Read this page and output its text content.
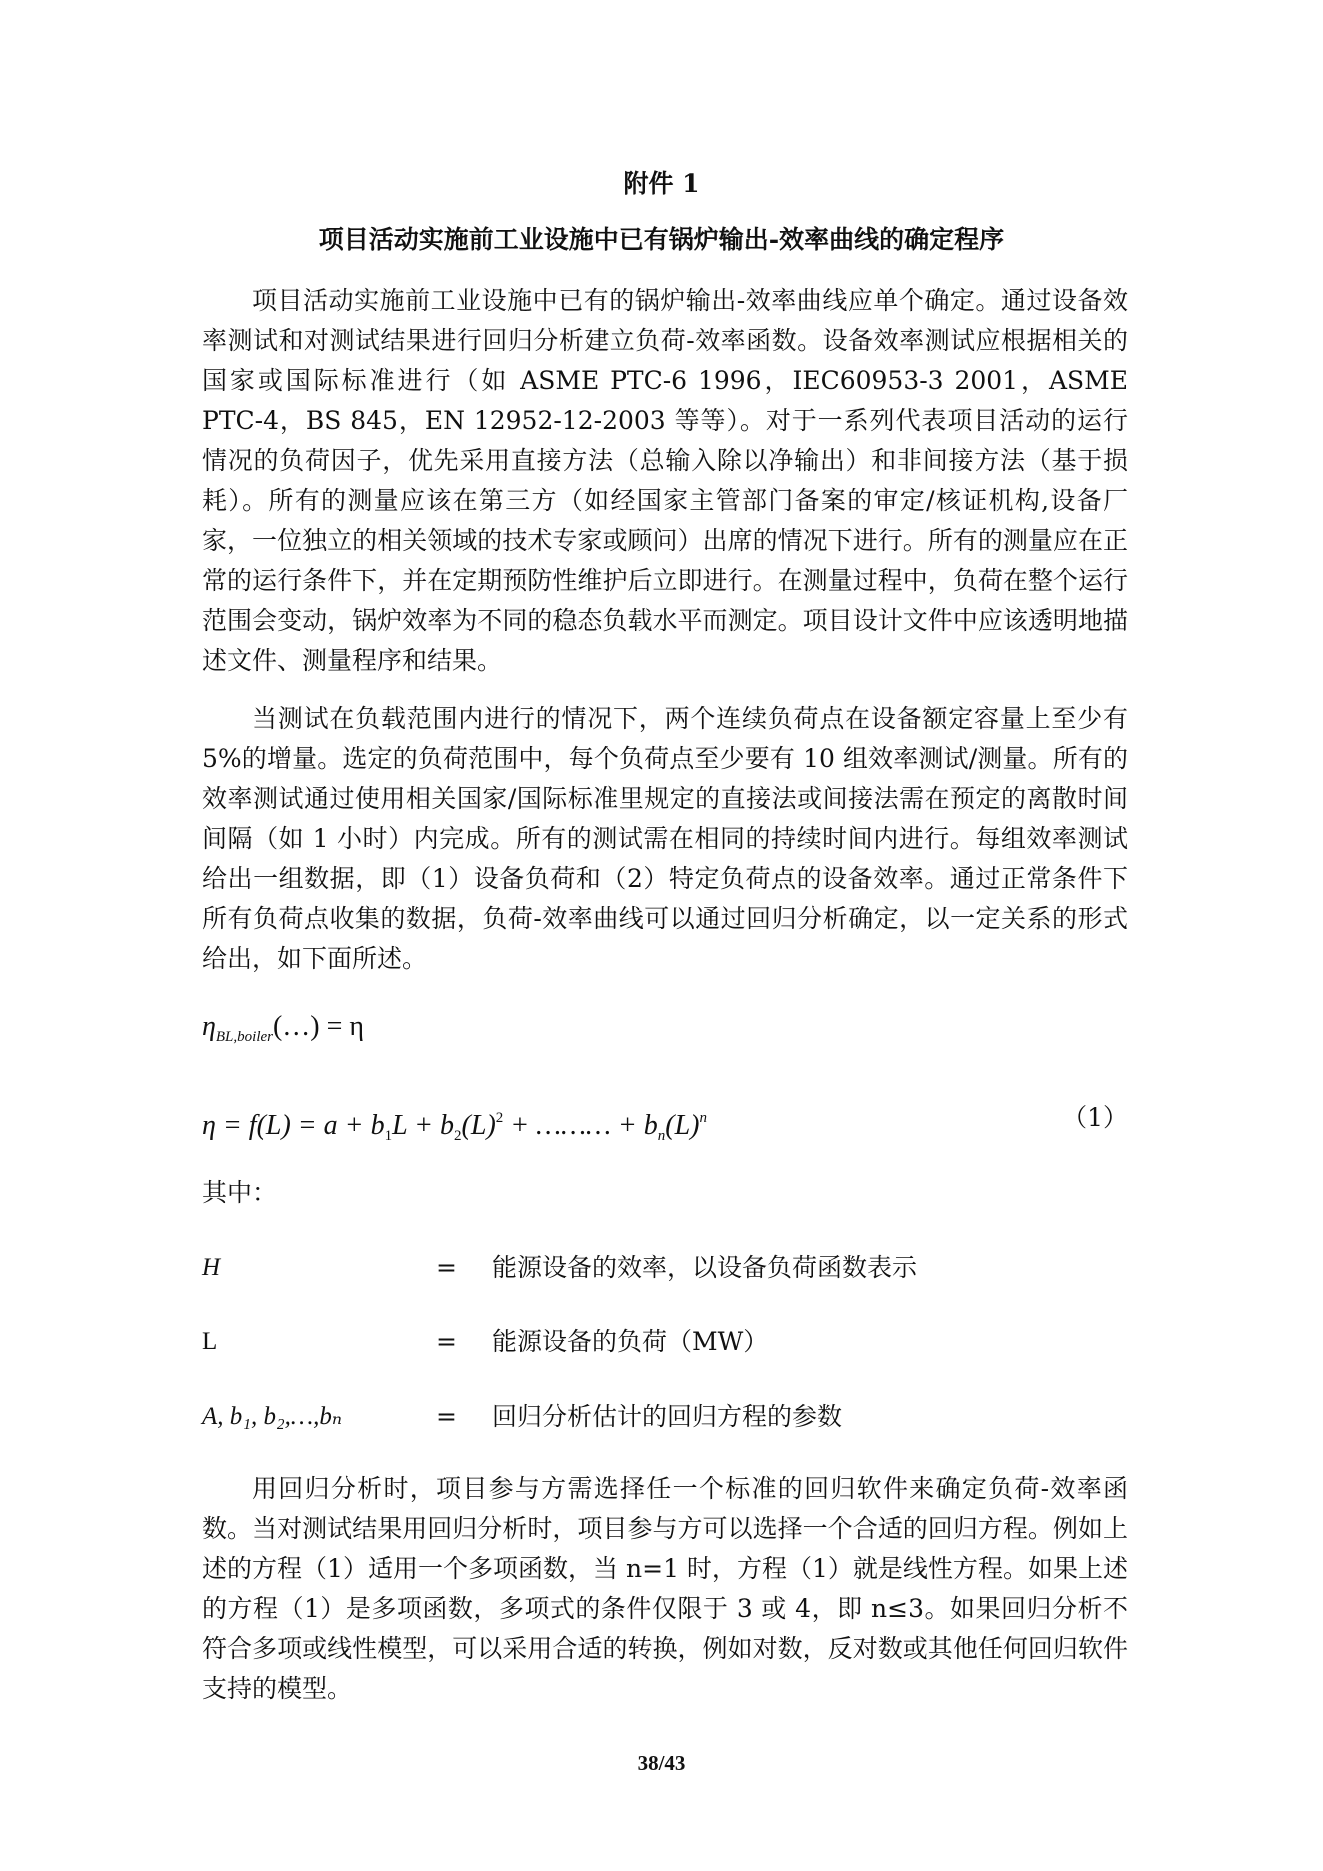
附件 1
项目活动实施前工业设施中已有锅炉输出-效率曲线的确定程序

项目活动实施前工业设施中已有的锅炉输出-效率曲线应单个确定。通过设备效率测试和对测试结果进行回归分析建立负荷-效率函数。设备效率测试应根据相关的国家或国际标准进行（如 ASME PTC-6 1996，IEC60953-3 2001，ASME PTC-4，BS 845，EN 12952-12-2003 等等）。对于一系列代表项目活动的运行情况的负荷因子，优先采用直接方法（总输入除以净输出）和非间接方法（基于损耗）。所有的测量应该在第三方（如经国家主管部门备案的审定/核证机构,设备厂家，一位独立的相关领域的技术专家或顾问）出席的情况下进行。所有的测量应在正常的运行条件下，并在定期预防性维护后立即进行。在测量过程中，负荷在整个运行范围会变动，锅炉效率为不同的稳态负载水平而测定。项目设计文件中应该透明地描述文件、测量程序和结果。

当测试在负载范围内进行的情况下，两个连续负荷点在设备额定容量上至少有 5%的增量。选定的负荷范围中，每个负荷点至少要有 10 组效率测试/测量。所有的效率测试通过使用相关国家/国际标准里规定的直接法或间接法需在预定的离散时间间隔（如 1 小时）内完成。所有的测试需在相同的持续时间内进行。每组效率测试给出一组数据，即（1）设备负荷和（2）特定负荷点的设备效率。通过正常条件下所有负荷点收集的数据，负荷-效率曲线可以通过回归分析确定，以一定关系的形式给出，如下面所述。

$\eta_{BL,boiler}(\dots) = \eta$
$\eta = f(L) = a + b_1L + b_2(L)^2$ + ……… + $b_n(L)^n$	（1）
其中：
H	= 能源设备的效率，以设备负荷函数表示
L	= 能源设备的负荷（MW）
A, b₁, b₂,…,bₙ	= 回归分析估计的回归方程的参数

用回归分析时，项目参与方需选择任一个标准的回归软件来确定负荷-效率函数。当对测试结果用回归分析时，项目参与方可以选择一个合适的回归方程。例如上述的方程（1）适用一个多项函数，当 n=1 时，方程（1）就是线性方程。如果上述的方程（1）是多项函数，多项式的条件仅限于 3 或 4，即 n≤3。如果回归分析不符合多项或线性模型，可以采用合适的转换，例如对数，反对数或其他任何回归软件支持的模型。

38/43
